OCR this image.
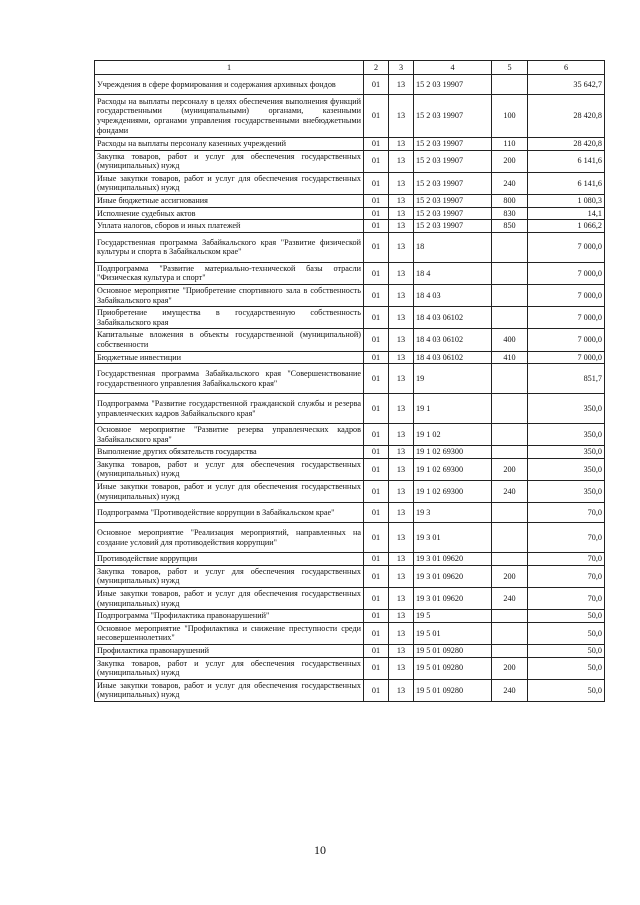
1	2	3	4	5	6
Учреждения в сфере формирования и содержания архивных фондов	01	13	15 2 03 19907		35 642,7
Расходы на выплаты персоналу в целях обеспечения выполнения функций государственными (муниципальными) органами, казенными учреждениями, органами управления государственными внебюджетными фондами	01	13	15 2 03 19907	100	28 420,8
Расходы на выплаты персоналу казенных учреждений	01	13	15 2 03 19907	110	28 420,8
Закупка товаров, работ и услуг для обеспечения государственных (муниципальных) нужд	01	13	15 2 03 19907	200	6 141,6
Иные закупки товаров, работ и услуг для обеспечения государственных (муниципальных) нужд	01	13	15 2 03 19907	240	6 141,6
Иные бюджетные ассигнования	01	13	15 2 03 19907	800	1 080,3
Исполнение судебных актов	01	13	15 2 03 19907	830	14,1
Уплата налогов, сборов и иных платежей	01	13	15 2 03 19907	850	1 066,2
Государственная программа Забайкальского края "Развитие физической культуры и спорта в Забайкальском крае"	01	13	18		7 000,0
Подпрограмма "Развитие материально-технической базы отрасли "Физическая культура и спорт"	01	13	18 4		7 000,0
Основное мероприятие "Приобретение спортивного зала в собственность Забайкальского края"	01	13	18 4 03		7 000,0
Приобретение имущества в государственную собственность Забайкальского края	01	13	18 4 03 06102		7 000,0
Капитальные вложения в объекты государственной (муниципальной) собственности	01	13	18 4 03 06102	400	7 000,0
Бюджетные инвестиции	01	13	18 4 03 06102	410	7 000,0
Государственная программа Забайкальского края "Совершенствование государственного управления Забайкальского края"	01	13	19		851,7
Подпрограмма "Развитие государственной гражданской службы и резерва управленческих кадров Забайкальского края"	01	13	19 1		350,0
Основное мероприятие "Развитие резерва управленческих кадров Забайкальского края"	01	13	19 1 02		350,0
Выполнение других обязательств государства	01	13	19 1 02 69300		350,0
Закупка товаров, работ и услуг для обеспечения государственных (муниципальных) нужд	01	13	19 1 02 69300	200	350,0
Иные закупки товаров, работ и услуг для обеспечения государственных (муниципальных) нужд	01	13	19 1 02 69300	240	350,0
Подпрограмма "Противодействие коррупции в Забайкальском крае"	01	13	19 3		70,0
Основное мероприятие "Реализация мероприятий, направленных на создание условий для противодействия коррупции"	01	13	19 3 01		70,0
Противодействие коррупции	01	13	19 3 01 09620		70,0
Закупка товаров, работ и услуг для обеспечения государственных (муниципальных) нужд	01	13	19 3 01 09620	200	70,0
Иные закупки товаров, работ и услуг для обеспечения государственных (муниципальных) нужд	01	13	19 3 01 09620	240	70,0
Подпрограмма "Профилактика правонарушений"	01	13	19 5		50,0
Основное мероприятие "Профилактика и снижение преступности среди несовершеннолетних"	01	13	19 5 01		50,0
Профилактика правонарушений	01	13	19 5 01 09280		50,0
Закупка товаров, работ и услуг для обеспечения государственных (муниципальных) нужд	01	13	19 5 01 09280	200	50,0
Иные закупки товаров, работ и услуг для обеспечения государственных (муниципальных) нужд	01	13	19 5 01 09280	240	50,0
10
